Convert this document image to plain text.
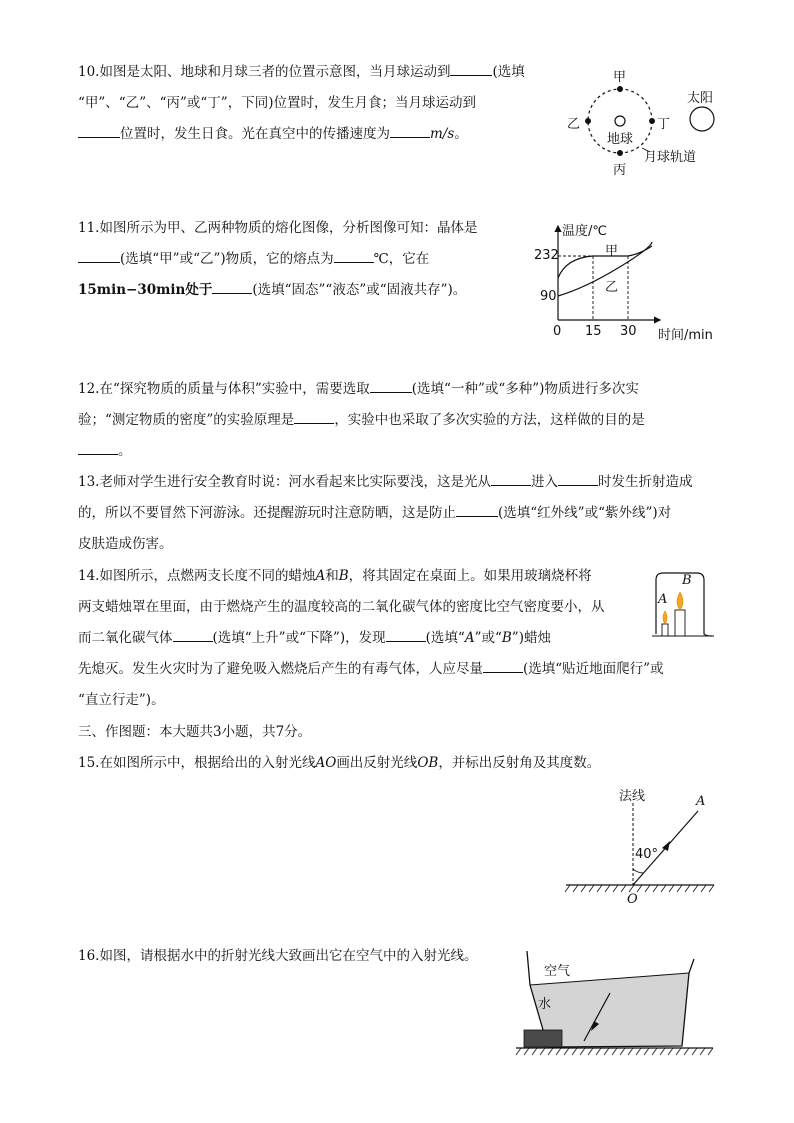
10.如图是太阳、地球和月球三者的位置示意图，当月球运动到	(选填
“甲”、“乙”、“丙”或“丁”，下同)位置时，发生月食；当月球运动到
位置时，发生日食。光在真空中的传播速度为	m/s。
甲
乙	丁
丙
地球
月球轨道
太阳
11.如图所示为甲、乙两种物质的熔化图像，分析图像可知：晶体是
(选填“甲”或“乙”)物质，它的熔点为	℃，它在
15min−30min处于	(选填“固态”“液态”或“固液共存”)。
温度/℃
时间/min
甲
乙
232
90
0 15 30
12.在“探究物质的质量与体积”实验中，需要选取	(选填“一种”或“多种”)物质进行多次实
验；“测定物质的密度”的实验原理是	，实验中也采取了多次实验的方法，这样做的目的是
。
13.老师对学生进行安全教育时说：河水看起来比实际要浅，这是光从	进入	时发生折射造成
的，所以不要冒然下河游泳。还提醒游玩时注意防晒，这是防止	(选填“红外线”或“紫外线”)对
皮肤造成伤害。
14.如图所示，点燃两支长度不同的蜡烛A和B，将其固定在桌面上。如果用玻璃烧杯将
两支蜡烛罩在里面，由于燃烧产生的温度较高的二氧化碳气体的密度比空气密度要小，从
而二氧化碳气体	(选填“上升”或“下降”)，发现	(选填“A”或“B”)蜡烛
先熄灭。发生火灾时为了避免吸入燃烧后产生的有毒气体，人应尽量	(选填“贴近地面爬行”或
“直立行走”)。
A
B
三、作图题：本大题共3小题，共7分。
15.在如图所示中，根据给出的入射光线AO画出反射光线OB，并标出反射角及其度数。
法线	A
O
40°
16.如图，请根据水中的折射光线大致画出它在空气中的入射光线。
空气
水
